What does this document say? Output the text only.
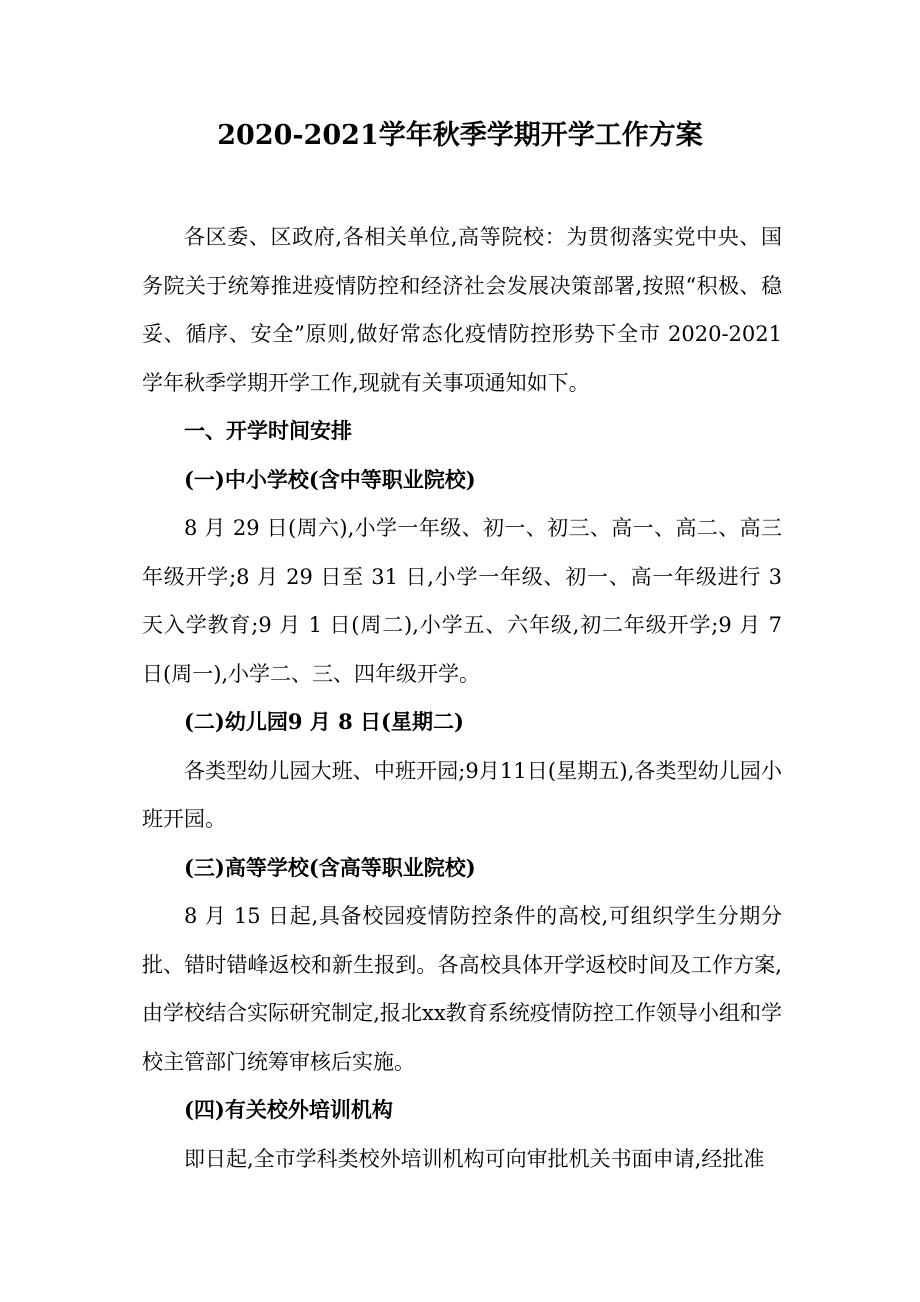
2020-2021学年秋季学期开学工作方案

各区委、区政府,各相关单位,高等院校：为贯彻落实党中央、国务院关于统筹推进疫情防控和经济社会发展决策部署,按照“积极、稳妥、循序、安全”原则,做好常态化疫情防控形势下全市 2020-2021 学年秋季学期开学工作,现就有关事项通知如下。

一、开学时间安排

(一)中小学校(含中等职业院校)

8 月 29 日(周六),小学一年级、初一、初三、高一、高二、高三年级开学;8 月 29 日至 31 日,小学一年级、初一、高一年级进行 3 天入学教育;9 月 1 日(周二),小学五、六年级,初二年级开学;9 月 7 日(周一),小学二、三、四年级开学。

(二)幼儿园9 月 8 日(星期二)

各类型幼儿园大班、中班开园;9月11日(星期五),各类型幼儿园小班开园。

(三)高等学校(含高等职业院校)

8 月 15 日起,具备校园疫情防控条件的高校,可组织学生分期分批、错时错峰返校和新生报到。各高校具体开学返校时间及工作方案,由学校结合实际研究制定,报北xx教育系统疫情防控工作领导小组和学校主管部门统筹审核后实施。

(四)有关校外培训机构

即日起,全市学科类校外培训机构可向审批机关书面申请,经批准
